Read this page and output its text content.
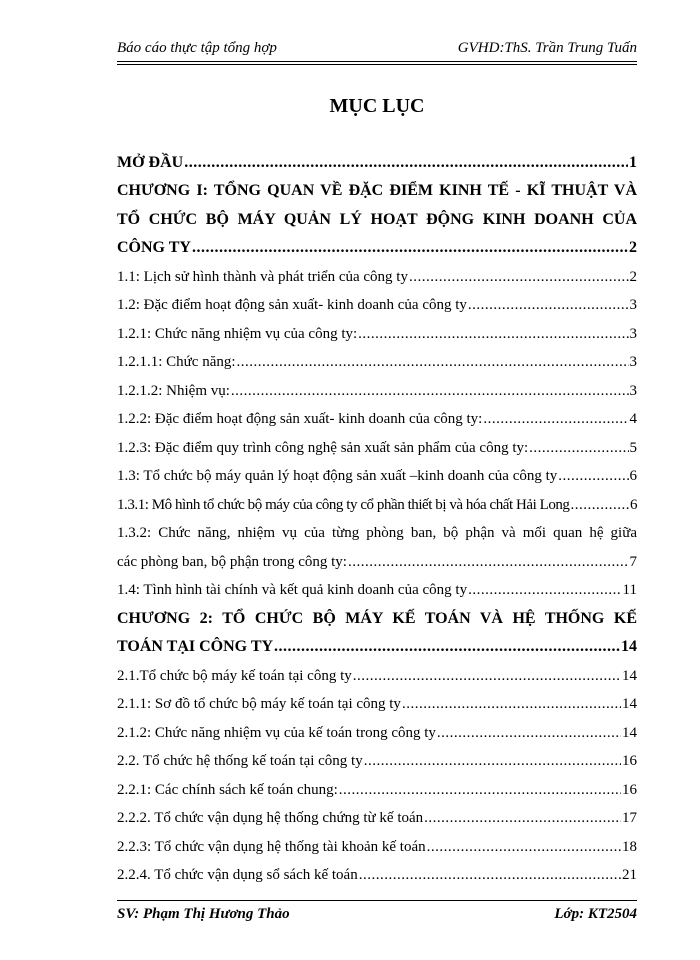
Báo cáo thực tập tổng hợp	GVHD:ThS. Trần Trung Tuấn
MỤC LỤC
MỞ ĐẦU .....	1
CHƯƠNG I: TỔNG QUAN VỀ ĐẶC ĐIỂM KINH TẾ - KĨ THUẬT VÀ
TỔ CHỨC BỘ MÁY QUẢN LÝ HOẠT ĐỘNG KINH DOANH CỦA
CÔNG TY .....	2
1.1: Lịch sử hình thành và phát triển của công ty .....	2
1.2: Đặc điểm hoạt động sản xuất- kinh doanh của công ty .....	3
1.2.1: Chức năng nhiệm vụ của công ty: .....	3
1.2.1.1: Chức năng: .....	3
1.2.1.2: Nhiệm vụ: .....	3
1.2.2: Đặc điểm hoạt động sản xuất- kinh doanh của công ty: .....	4
1.2.3: Đặc điểm quy trình công nghệ sản xuất sản phẩm của công ty: .....	5
1.3: Tổ chức bộ máy quản lý hoạt động sản xuất –kinh doanh của công ty .....	6
1.3.1: Mô hình tổ chức bộ máy của công ty cổ phần thiết bị và hóa chất Hải Long .....	6
1.3.2: Chức năng, nhiệm vụ của từng phòng ban, bộ phận và mối quan hệ giữa
các phòng ban, bộ phận trong công ty: .....	7
1.4: Tình hình tài chính và kết quả kinh doanh của công ty .....	11
CHƯƠNG 2: TỔ CHỨC BỘ MÁY KẾ TOÁN VÀ HỆ THỐNG KẾ
TOÁN TẠI CÔNG TY .....	14
2.1.Tổ chức bộ máy kế toán tại công ty .....	14
2.1.1: Sơ đồ tổ chức bộ máy kế toán tại công ty .....	14
2.1.2: Chức năng nhiệm vụ của kế toán trong công ty .....	14
2.2. Tổ chức hệ thống kế toán tại công ty .....	16
2.2.1: Các chính sách kế toán chung: .....	16
2.2.2. Tổ chức vận dụng hệ thống chứng từ kế toán .....	17
2.2.3: Tổ chức vận dụng hệ thống tài khoản kế toán .....	18
2.2.4. Tổ chức vận dụng sổ sách kế toán .....	21
SV: Phạm Thị Hương Thảo	Lớp: KT2504
